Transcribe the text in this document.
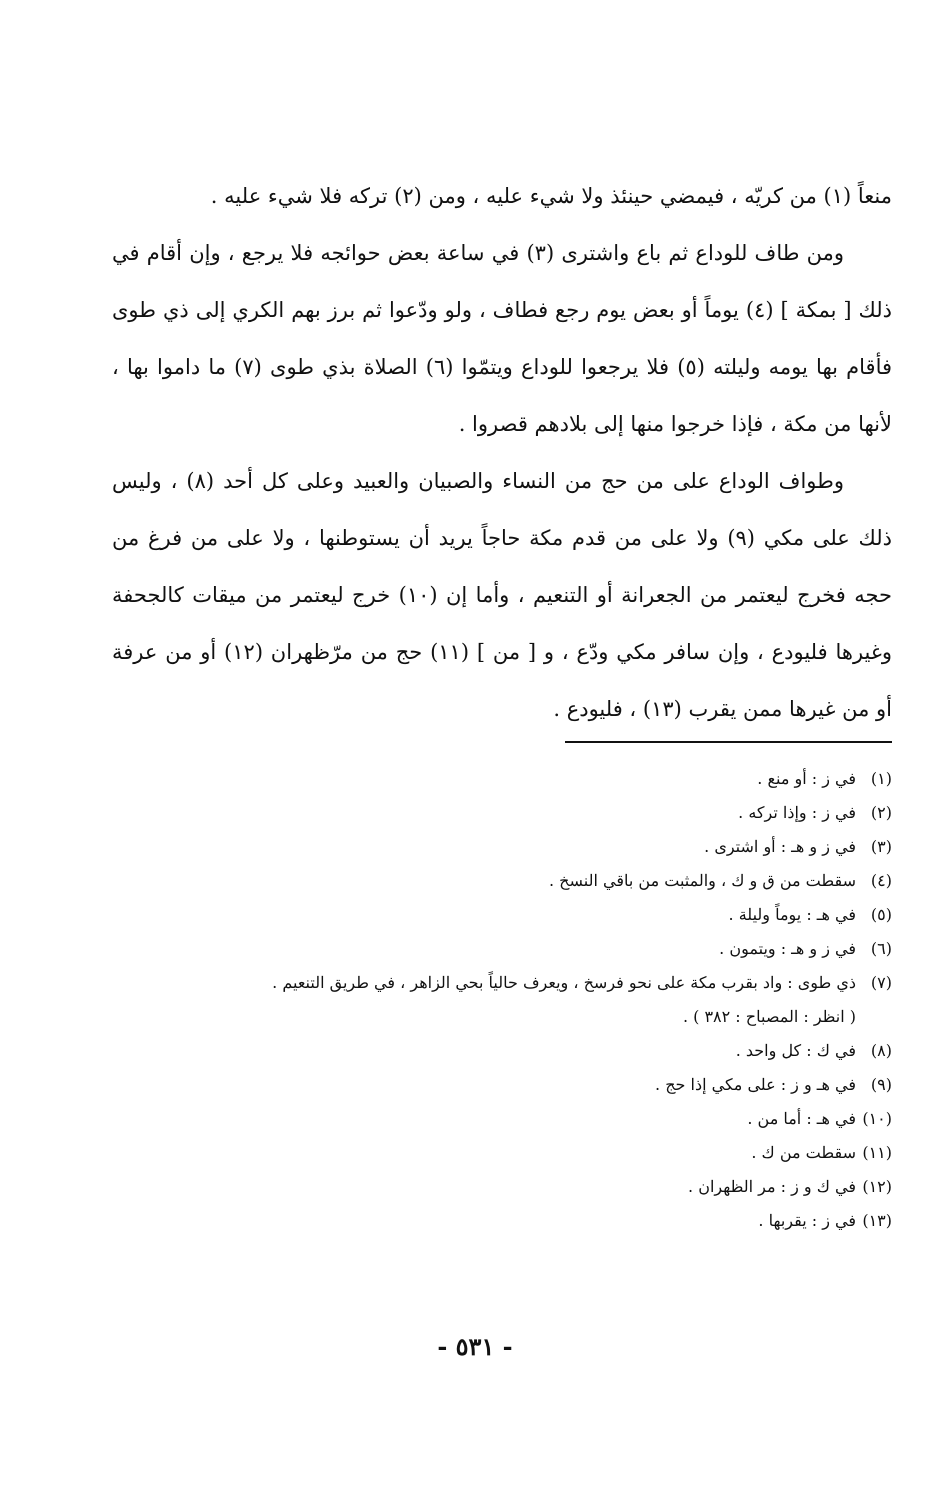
منعاً (١) من كريّه ، فيمضي حينئذ ولا شيء عليه ، ومن (٢) تركه فلا شيء عليه .

ومن طاف للوداع ثم باع واشترى (٣) في ساعة بعض حوائجه فلا يرجع ، وإن أقام في ذلك [ بمكة ] (٤) يوماً أو بعض يوم رجع فطاف ، ولو ودّعوا ثم برز بهم الكري إلى ذي طوى فأقام بها يومه وليلته (٥) فلا يرجعوا للوداع ويتمّوا (٦) الصلاة بذي طوى (٧) ما داموا بها ، لأنها من مكة ، فإذا خرجوا منها إلى بلادهم قصروا .

وطواف الوداع على من حج من النساء والصبيان والعبيد وعلى كل أحد (٨) ، وليس ذلك على مكي (٩) ولا على من قدم مكة حاجاً يريد أن يستوطنها ، ولا على من فرغ من حجه فخرج ليعتمر من الجعرانة أو التنعيم ، وأما إن (١٠) خرج ليعتمر من ميقات كالجحفة وغيرها فليودع ، وإن سافر مكي ودّع ، و [ من ] (١١) حج من مرّظهران (١٢) أو من عرفة أو من غيرها ممن يقرب (١٣) ، فليودع .

(١)
في ز : أو منع .
(٢)
في ز : وإذا تركه .
(٣)
في ز و هـ : أو اشترى .
(٤)
سقطت من ق و ك ، والمثبت من باقي النسخ .
(٥)
في هـ : يوماً وليلة .
(٦)
في ز و هـ : ويتمون .
(٧)
ذي طوى : واد بقرب مكة على نحو فرسخ ، ويعرف حالياً بحي الزاهر ، في طريق التنعيم .
( انظر : المصباح : ٣٨٢ ) .
(٨)
في ك : كل واحد .
(٩)
في هـ و ز : على مكي إذا حج .
(١٠)
في هـ : أما من .
(١١)
سقطت من ك .
(١٢)
في ك و ز : مر الظهران .
(١٣)
في ز : يقربها .
- ٥٣١ -
